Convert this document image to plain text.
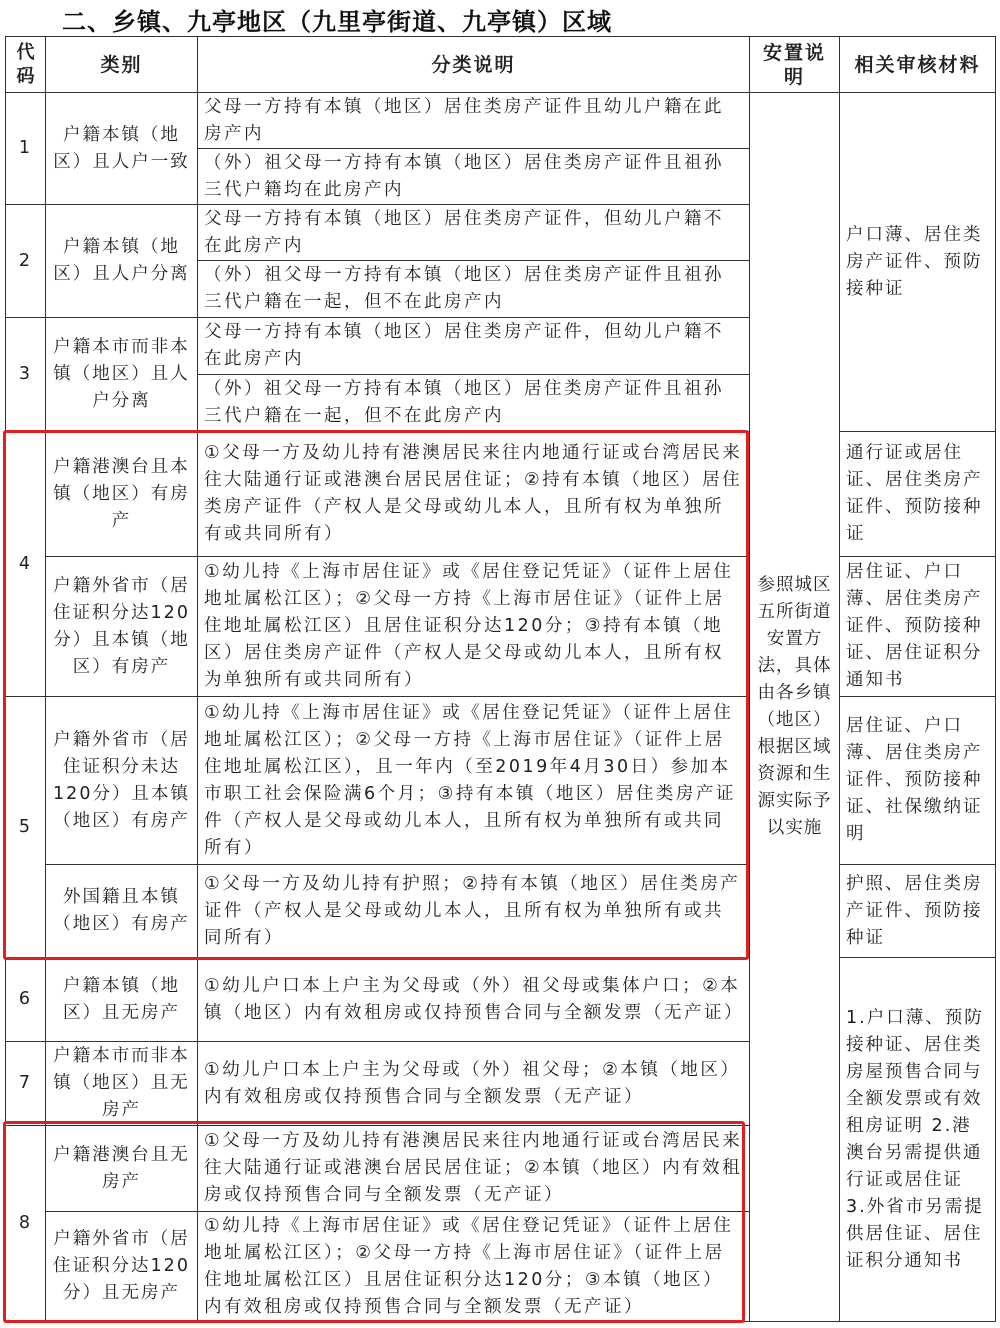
二、乡镇、九亭地区（九里亭街道、九亭镇）区域
代码	类别	分类说明	安置说明	相关审核材料
1	户籍本镇（地区）且人户一致	父母一方持有本镇（地区）居住类房产证件且幼儿户籍在此房产内	参照城区五所街道安置方法，具体由各乡镇（地区）根据区域资源和生源实际予以实施	户口薄、居住类房产证件、预防接种证
		（外）祖父母一方持有本镇（地区）居住类房产证件且祖孙三代户籍均在此房产内		
2	户籍本镇（地区）且人户分离	父母一方持有本镇（地区）居住类房产证件，但幼儿户籍不在此房产内		
		（外）祖父母一方持有本镇（地区）居住类房产证件且祖孙三代户籍在一起，但不在此房产内		
3	户籍本市而非本镇（地区）且人户分离	父母一方持有本镇（地区）居住类房产证件，但幼儿户籍不在此房产内		
		（外）祖父母一方持有本镇（地区）居住类房产证件且祖孙三代户籍在一起，但不在此房产内		
4	户籍港澳台且本镇（地区）有房产	①父母一方及幼儿持有港澳居民来往内地通行证或台湾居民来往大陆通行证或港澳台居民居住证；②持有本镇（地区）居住类房产证件（产权人是父母或幼儿本人，且所有权为单独所有或共同所有）		通行证或居住证、居住类房产证件、预防接种证
	户籍外省市（居住证积分达120分）且本镇（地区）有房产	①幼儿持《上海市居住证》或《居住登记凭证》（证件上居住地址属松江区）；②父母一方持《上海市居住证》（证件上居住地址属松江区）且居住证积分达120分；③持有本镇（地区）居住类房产证件（产权人是父母或幼儿本人，且所有权为单独所有或共同所有）		居住证、户口薄、居住类房产证件、预防接种证、居住证积分通知书
5	户籍外省市（居住证积分未达120分）且本镇（地区）有房产	①幼儿持《上海市居住证》或《居住登记凭证》（证件上居住地址属松江区）；②父母一方持《上海市居住证》（证件上居住地址属松江区），且一年内（至2019年4月30日）参加本市职工社会保险满6个月；③持有本镇（地区）居住类房产证件（产权人是父母或幼儿本人，且所有权为单独所有或共同所有）		居住证、户口薄、居住类房产证件、预防接种证、社保缴纳证明
	外国籍且本镇（地区）有房产	①父母一方及幼儿持有护照；②持有本镇（地区）居住类房产证件（产权人是父母或幼儿本人，且所有权为单独所有或共同所有）		护照、居住类房产证件、预防接种证
6	户籍本镇（地区）且无房产	①幼儿户口本上户主为父母或（外）祖父母或集体户口；②本镇（地区）内有效租房或仅持预售合同与全额发票（无产证）		1.户口薄、预防接种证、居住类房屋预售合同与全额发票或有效租房证明 2.港澳台另需提供通行证或居住证 3.外省市另需提供居住证、居住证积分通知书
7	户籍本市而非本镇（地区）且无房产	①幼儿户口本上户主为父母或（外）祖父母；②本镇（地区）内有效租房或仅持预售合同与全额发票（无产证）		
8	户籍港澳台且无房产	①父母一方及幼儿持有港澳居民来往内地通行证或台湾居民来往大陆通行证或港澳台居民居住证；②本镇（地区）内有效租房或仅持预售合同与全额发票（无产证）		
	户籍外省市（居住证积分达120分）且无房产	①幼儿持《上海市居住证》或《居住登记凭证》（证件上居住地址属松江区）；②父母一方持《上海市居住证》（证件上居住地址属松江区）且居住证积分达120分；③本镇（地区）内有效租房或仅持预售合同与全额发票（无产证）		
